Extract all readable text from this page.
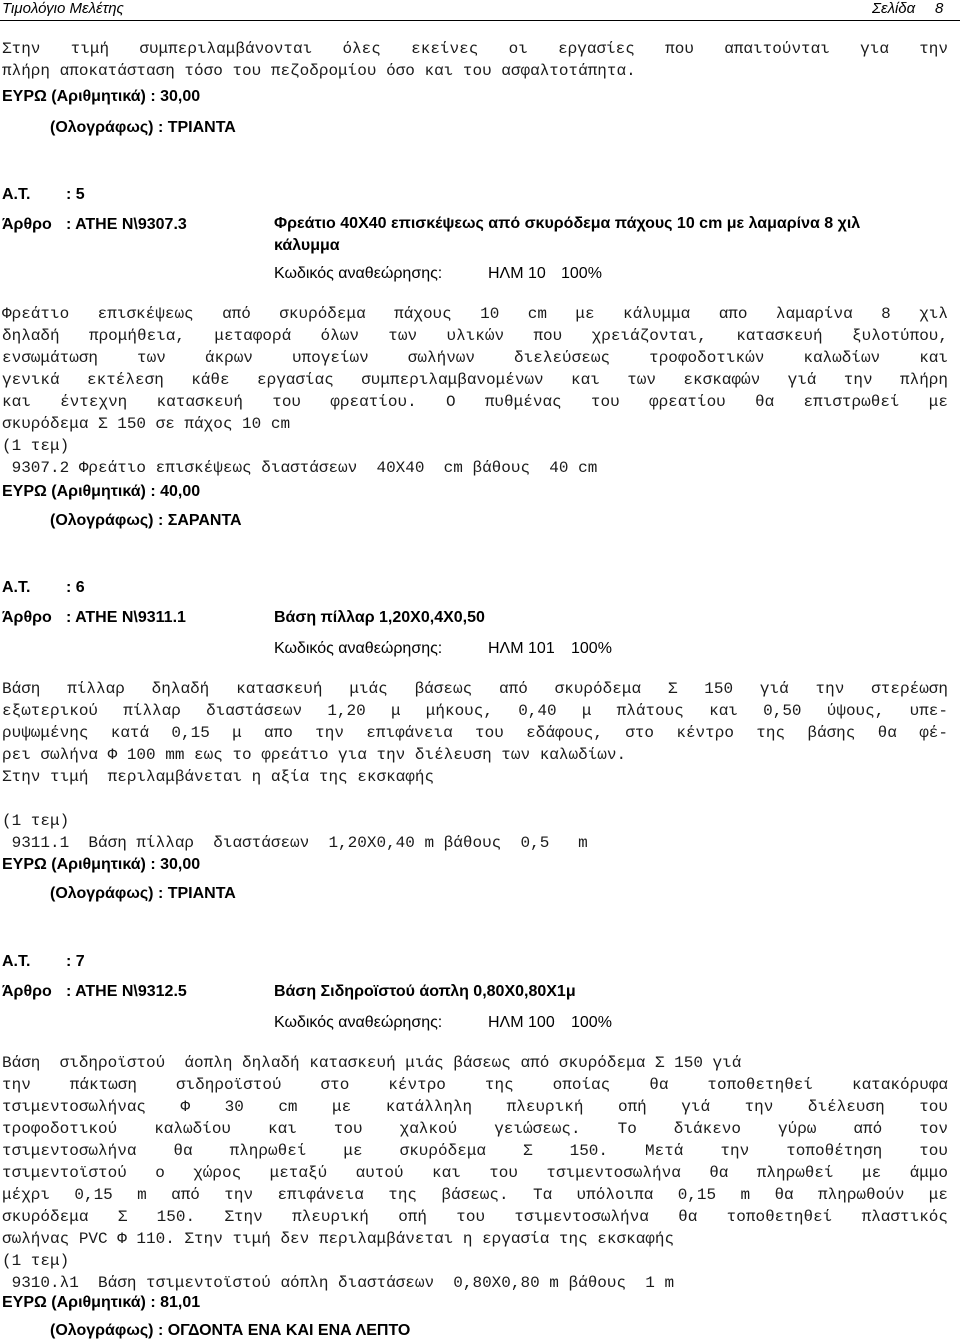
Τιμολόγιο Μελέτης	Σελίδα 8
Στην τιμή συμπεριλαμβάνονται όλες εκείνες οι εργασίες που απαιτούνται για την
πλήρη αποκατάσταση τόσο του πεζοδρομίου όσο και του ασφαλτοτάπητα.
ΕΥΡΩ (Αριθμητικά) : 30,00
(Ολογράφως) : ΤΡΙΑΝΤΑ
Α.Τ. : 5
Άρθρο : ΑΤΗΕ Ν\9307.3	Φρεάτιο 40Χ40 επισκέψεως από σκυρόδεμα πάχους 10 cm με λαμαρίνα 8 χιλ
κάλυμμα
Κωδικός αναθεώρησης:	ΗΛΜ 10 100%
Φρεάτιο επισκέψεως από σκυρόδεμα πάχους 10 cm με κάλυμμα απο λαμαρίνα 8 χιλ
δηλαδή προμήθεια, μεταφορά όλων των υλικών που χρειάζονται, κατασκευή ξυλοτύπου,
ενσωμάτωση των άκρων υπογείων σωλήνων διελεύσεως τροφοδοτικών καλωδίων και
γενικά εκτέλεση κάθε εργασίας συμπεριλαμβανομένων και των εκσκαφών γιά την πλήρη
και έντεχνη κατασκευή του φρεατίου. Ο πυθμένας του φρεατίου θα επιστρωθεί με
σκυρόδεμα Σ 150 σε πάχος 10 cm
(1 τεμ)
9307.2 Φρεάτιο επισκέψεως διαστάσεων  40Χ40  cm βάθους  40 cm
ΕΥΡΩ (Αριθμητικά) : 40,00
(Ολογράφως) : ΣΑΡΑΝΤΑ
Α.Τ. : 6
Άρθρο : ΑΤΗΕ Ν\9311.1	Βάση πίλλαρ 1,20Χ0,4Χ0,50
Κωδικός αναθεώρησης:	ΗΛΜ 101 100%
Βάση πίλλαρ δηλαδή κατασκευή μιάς βάσεως από σκυρόδεμα Σ 150 γιά την στερέωση
εξωτερικού πίλλαρ διαστάσεων 1,20 μ μήκους, 0,40 μ πλάτους και 0,50 ύψους, υπε-
ρυψωμένης κατά 0,15 μ απο την επιφάνεια του εδάφους, στο κέντρο της βάσης θα φέ-
ρει σωλήνα Φ 100 mm εως το φρεάτιο για την διέλευση των καλωδίων.
Στην τιμή  περιλαμβάνεται η αξία της εκσκαφής
(1 τεμ)
9311.1  Βάση πίλλαρ  διαστάσεων  1,20Χ0,40 m βάθους  0,5   m
ΕΥΡΩ (Αριθμητικά) : 30,00
(Ολογράφως) : ΤΡΙΑΝΤΑ
Α.Τ. : 7
Άρθρο : ΑΤΗΕ Ν\9312.5	Βάση Σιδηροϊστού άοπλη 0,80Χ0,80Χ1μ
Κωδικός αναθεώρησης:	ΗΛΜ 100 100%
Βάση  σιδηροϊστού  άοπλη δηλαδή κατασκευή μιάς βάσεως από σκυρόδεμα Σ 150 γιά
την πάκτωση σιδηροϊστού στο κέντρο της οποίας θα τοποθετηθεί κατακόρυφα
τσιμεντοσωλήνας Φ 30 cm με κατάλληλη πλευρική οπή γιά την διέλευση του
τροφοδοτικού καλωδίου και του χαλκού γειώσεως. Το διάκενο γύρω από τον
τσιμεντοσωλήνα θα πληρωθεί με σκυρόδεμα Σ 150. Μετά την τοποθέτηση του
τσιμεντοϊστού ο χώρος μεταξύ αυτού και του τσιμεντοσωλήνα θα πληρωθεί με άμμο
μέχρι 0,15 m από την επιφάνεια της βάσεως. Τα υπόλοιπα 0,15 m θα πληρωθούν με
σκυρόδεμα Σ 150. Στην πλευρική οπή του τσιμεντοσωλήνα θα τοποθετηθεί πλαστικός
σωλήνας PVC Φ 110. Στην τιμή δεν περιλαμβάνεται η εργασία της εκσκαφής
(1 τεμ)
9310.λ1  Βάση τσιμεντοϊστού αόπλη διαστάσεων  0,80Χ0,80 m βάθους  1 m
ΕΥΡΩ (Αριθμητικά) : 81,01
(Ολογράφως) : ΟΓΔΟΝΤΑ ΕΝΑ ΚΑΙ ΕΝΑ ΛΕΠΤΟ
